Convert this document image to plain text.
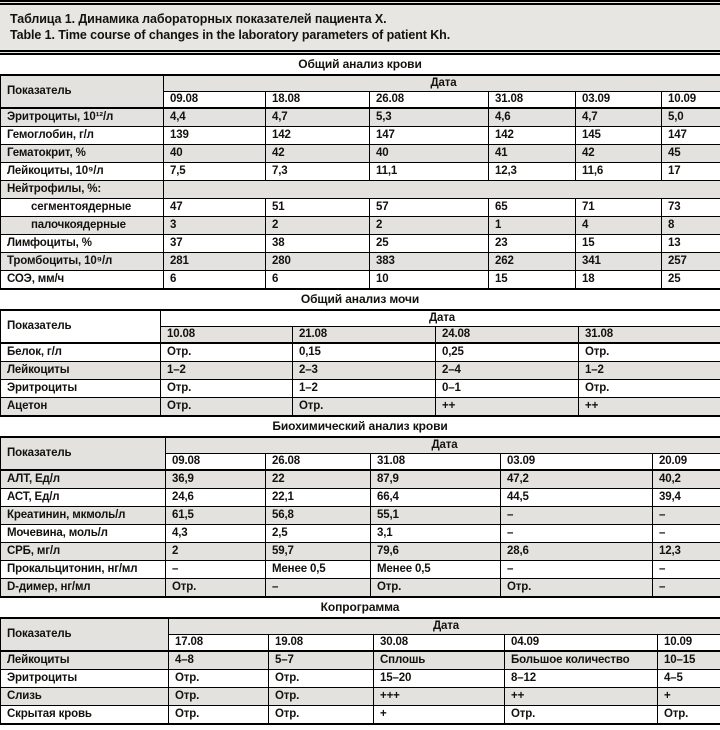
Таблица 1. Динамика лабораторных показателей пациента Х.
Table 1. Time course of changes in the laboratory parameters of patient Kh.
Общий анализ крови
Показатель	Дата					
	09.08	18.08	26.08	31.08	03.09	10.09
Эритроциты, 10¹²/л	4,4	4,7	5,3	4,6	4,7	5,0
Гемоглобин, г/л	139	142	147	142	145	147
Гематокрит, %	40	42	40	41	42	45
Лейкоциты, 10⁹/л	7,5	7,3	11,1	12,3	11,6	17
Нейтрофилы, %:						
сегментоядерные	47	51	57	65	71	73
палочкоядерные	3	2	2	1	4	8
Лимфоциты, %	37	38	25	23	15	13
Тромбоциты, 10⁹/л	281	280	383	262	341	257
СОЭ, мм/ч	6	6	10	15	18	25
Общий анализ мочи
Показатель	Дата			
	10.08	21.08	24.08	31.08
Белок, г/л	Отр.	0,15	0,25	Отр.
Лейкоциты	1–2	2–3	2–4	1–2
Эритроциты	Отр.	1–2	0–1	Отр.
Ацетон	Отр.	Отр.	++	++
Биохимический анализ крови
Показатель	Дата				
	09.08	26.08	31.08	03.09	20.09
АЛТ, Ед/л	36,9	22	87,9	47,2	40,2
АСТ, Ед/л	24,6	22,1	66,4	44,5	39,4
Креатинин, мкмоль/л	61,5	56,8	55,1	–	–
Мочевина, моль/л	4,3	2,5	3,1	–	–
СРБ, мг/л	2	59,7	79,6	28,6	12,3
Прокальцитонин, нг/мл	–	Менее 0,5	Менее 0,5	–	–
D-димер, нг/мл	Отр.	–	Отр.	Отр.	–
Копрограмма
Показатель	Дата				
	17.08	19.08	30.08	04.09	10.09
Лейкоциты	4–8	5–7	Сплошь	Большое количество	10–15
Эритроциты	Отр.	Отр.	15–20	8–12	4–5
Слизь	Отр.	Отр.	+++	++	+
Скрытая кровь	Отр.	Отр.	+	Отр.	Отр.
